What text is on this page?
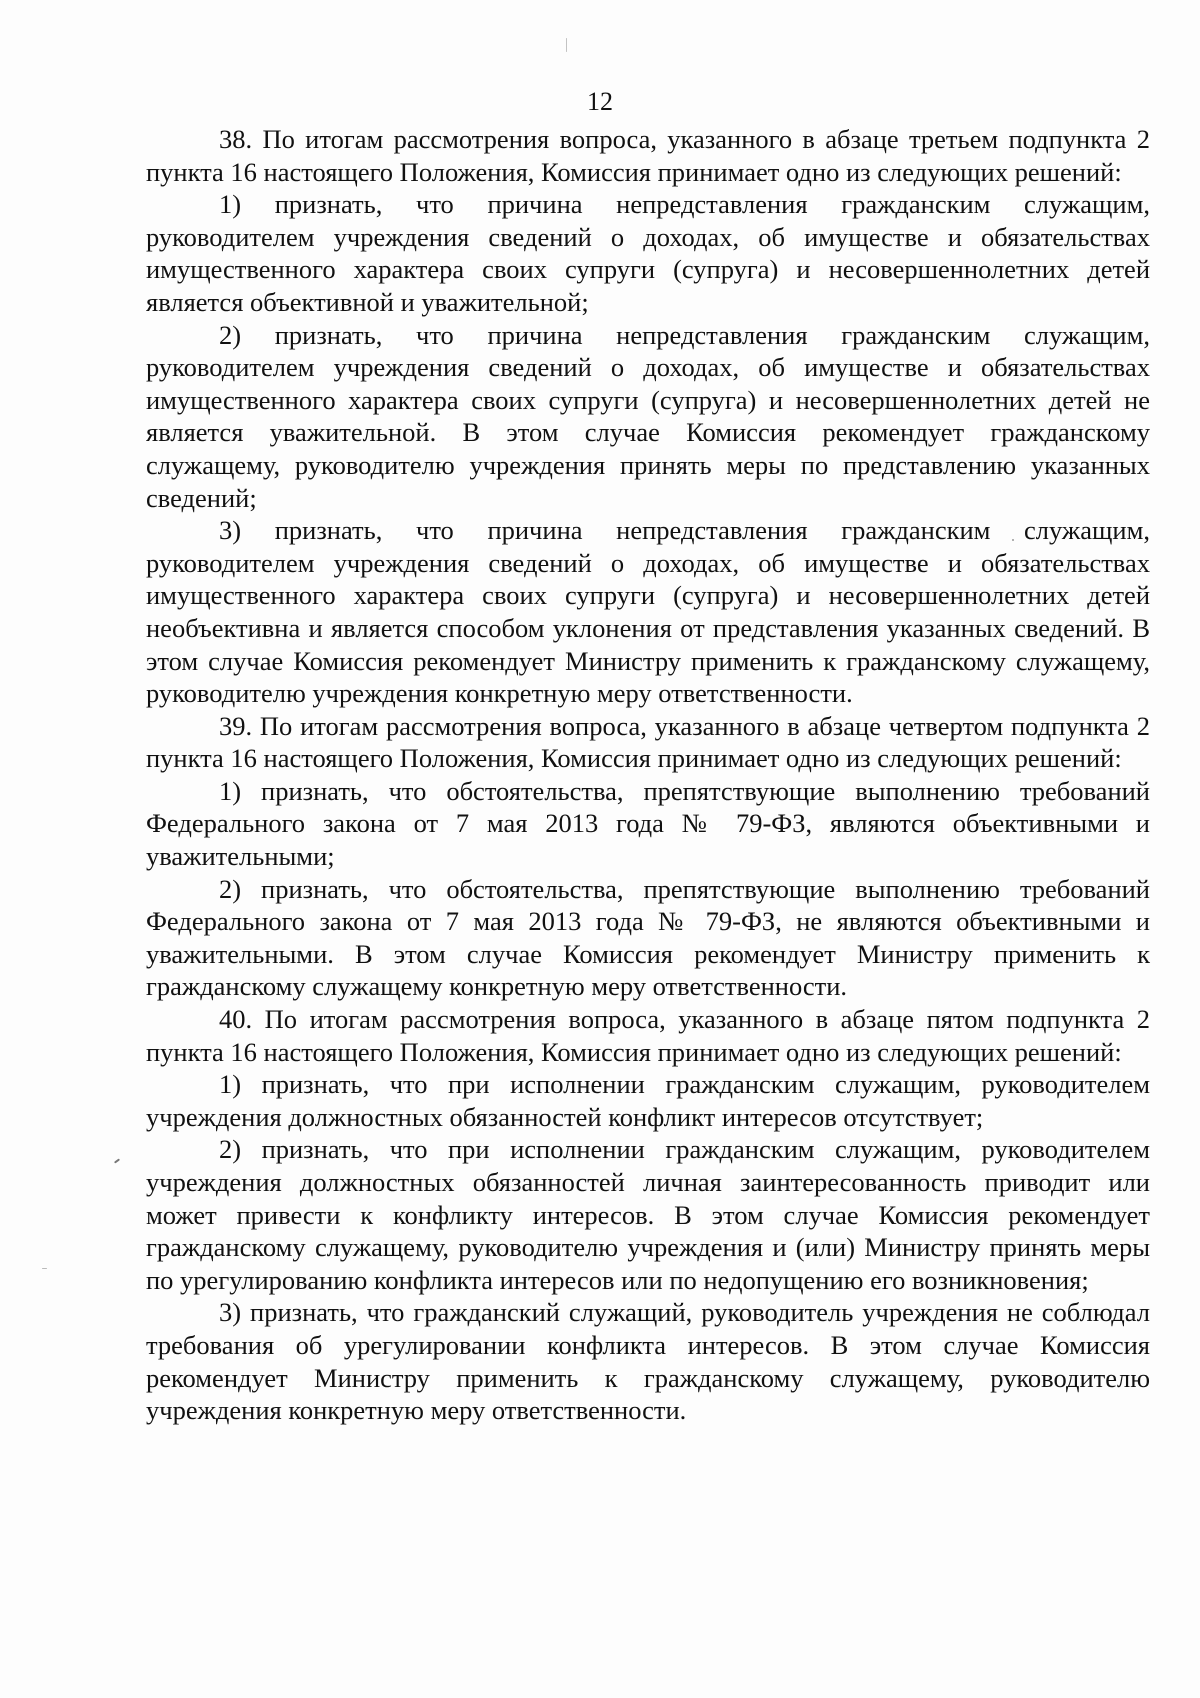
12

38. По итогам рассмотрения вопроса, указанного в абзаце третьем подпункта 2 пункта 16 настоящего Положения, Комиссия принимает одно из следующих решений:

1) признать, что причина непредставления гражданским служащим, руководителем учреждения сведений о доходах, об имуществе и обязательствах имущественного характера своих супруги (супруга) и несовершеннолетних детей является объективной и уважительной;

2) признать, что причина непредставления гражданским служащим, руководителем учреждения сведений о доходах, об имуществе и обязательствах имущественного характера своих супруги (супруга) и несовершеннолетних детей не является уважительной. В этом случае Комиссия рекомендует гражданскому служащему, руководителю учреждения принять меры по представлению указанных сведений;

3) признать, что причина непредставления гражданским служащим, руководителем учреждения сведений о доходах, об имуществе и обязательствах имущественного характера своих супруги (супруга) и несовершеннолетних детей необъективна и является способом уклонения от представления указанных сведений. В этом случае Комиссия рекомендует Министру применить к гражданскому служащему, руководителю учреждения конкретную меру ответственности.

39. По итогам рассмотрения вопроса, указанного в абзаце четвертом подпункта 2 пункта 16 настоящего Положения, Комиссия принимает одно из следующих решений:

1) признать, что обстоятельства, препятствующие выполнению требований Федерального закона от 7 мая 2013 года № 79-ФЗ, являются объективными и уважительными;

2) признать, что обстоятельства, препятствующие выполнению требований Федерального закона от 7 мая 2013 года № 79-ФЗ, не являются объективными и уважительными. В этом случае Комиссия рекомендует Министру применить к гражданскому служащему конкретную меру ответственности.

40. По итогам рассмотрения вопроса, указанного в абзаце пятом подпункта 2 пункта 16 настоящего Положения, Комиссия принимает одно из следующих решений:

1) признать, что при исполнении гражданским служащим, руководителем учреждения должностных обязанностей конфликт интересов отсутствует;

2) признать, что при исполнении гражданским служащим, руководителем учреждения должностных обязанностей личная заинтересованность приводит или может привести к конфликту интересов. В этом случае Комиссия рекомендует гражданскому служащему, руководителю учреждения и (или) Министру принять меры по урегулированию конфликта интересов или по недопущению его возникновения;

3) признать, что гражданский служащий, руководитель учреждения не соблюдал требования об урегулировании конфликта интересов. В этом случае Комиссия рекомендует Министру применить к гражданскому служащему, руководителю учреждения конкретную меру ответственности.
